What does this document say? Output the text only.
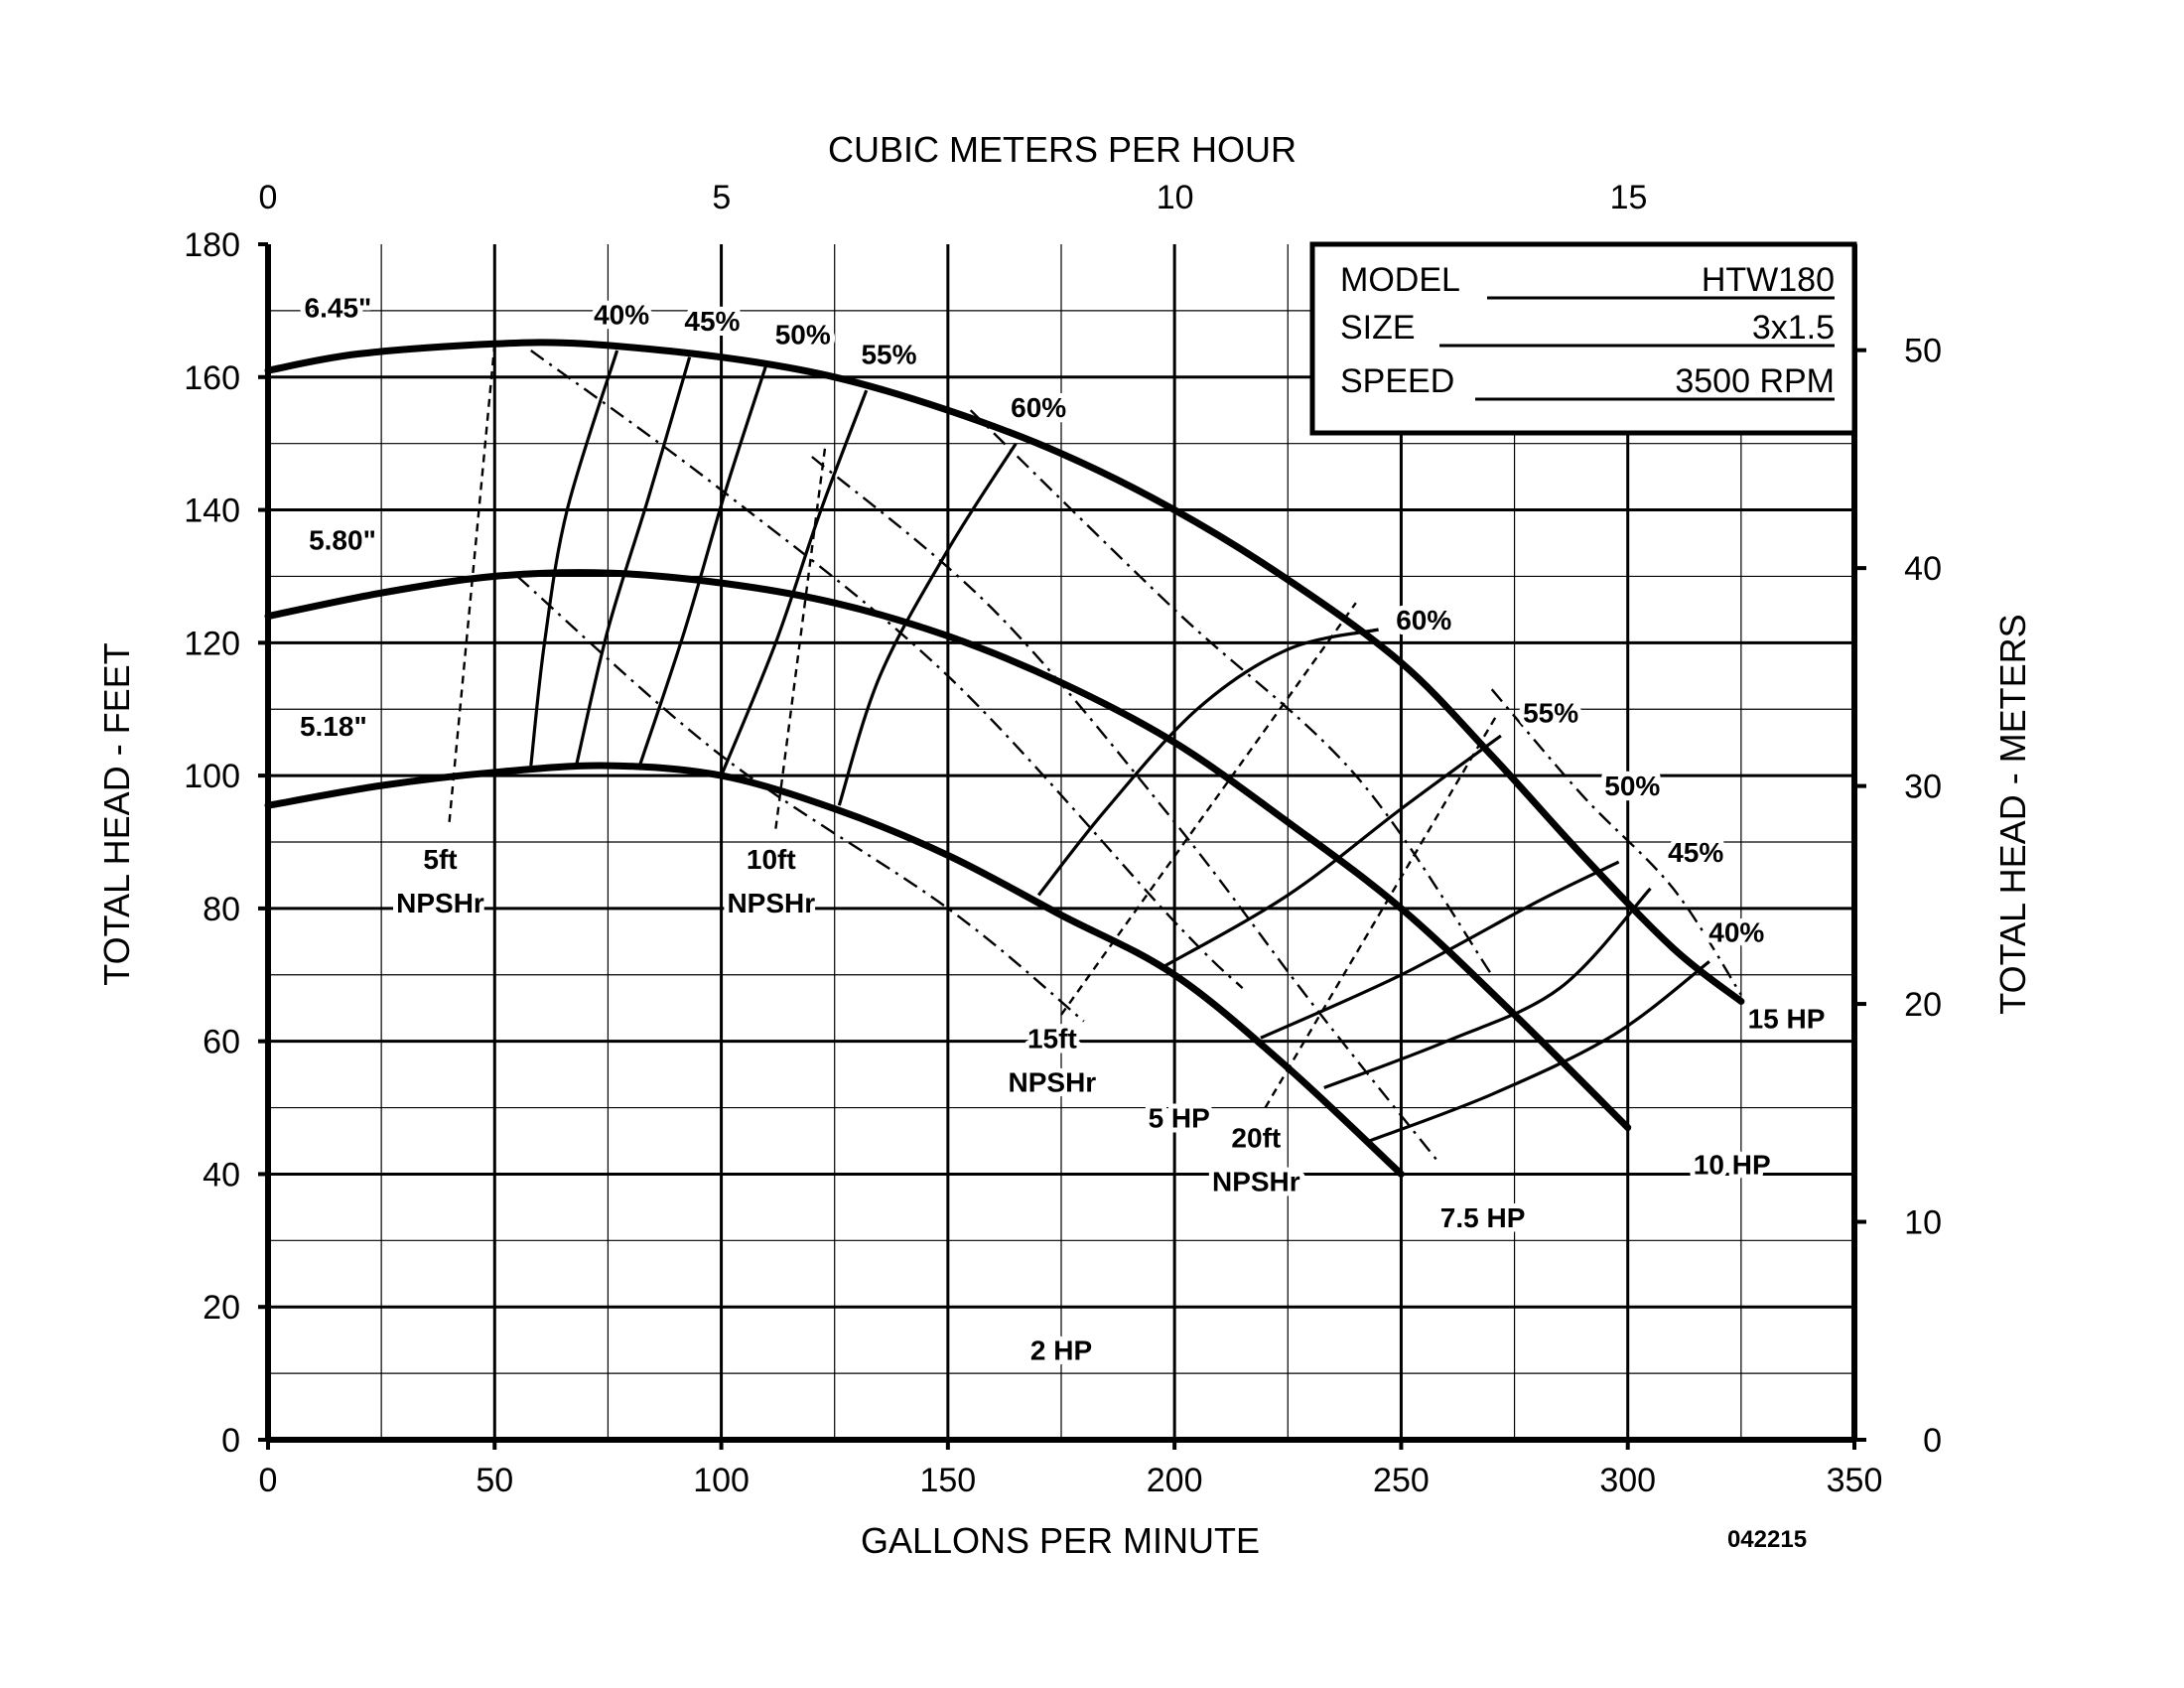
0	50	100	150	200	250	300	350
0
20
40
60
80
100
120
140
160
180
0	5	10	15
0
10
20
30
40
50
6.45"
5.80"
5.18"
40% 45% 50%
55%
60%
60%
55%
50%
45%
40%
5ft
NPSHr
10ft
NPSHr
15ft
NPSHr
20ft
NPSHr
2 HP
5 HP
7.5 HP
10 HP
15 HP
CUBIC METERS PER HOUR
GALLONS PER MINUTE
TOTAL HEAD - FEET	TOTAL HEAD - METERS
MODEL	HTW180
SIZE	3x1.5
SPEED	3500 RPM
042215
